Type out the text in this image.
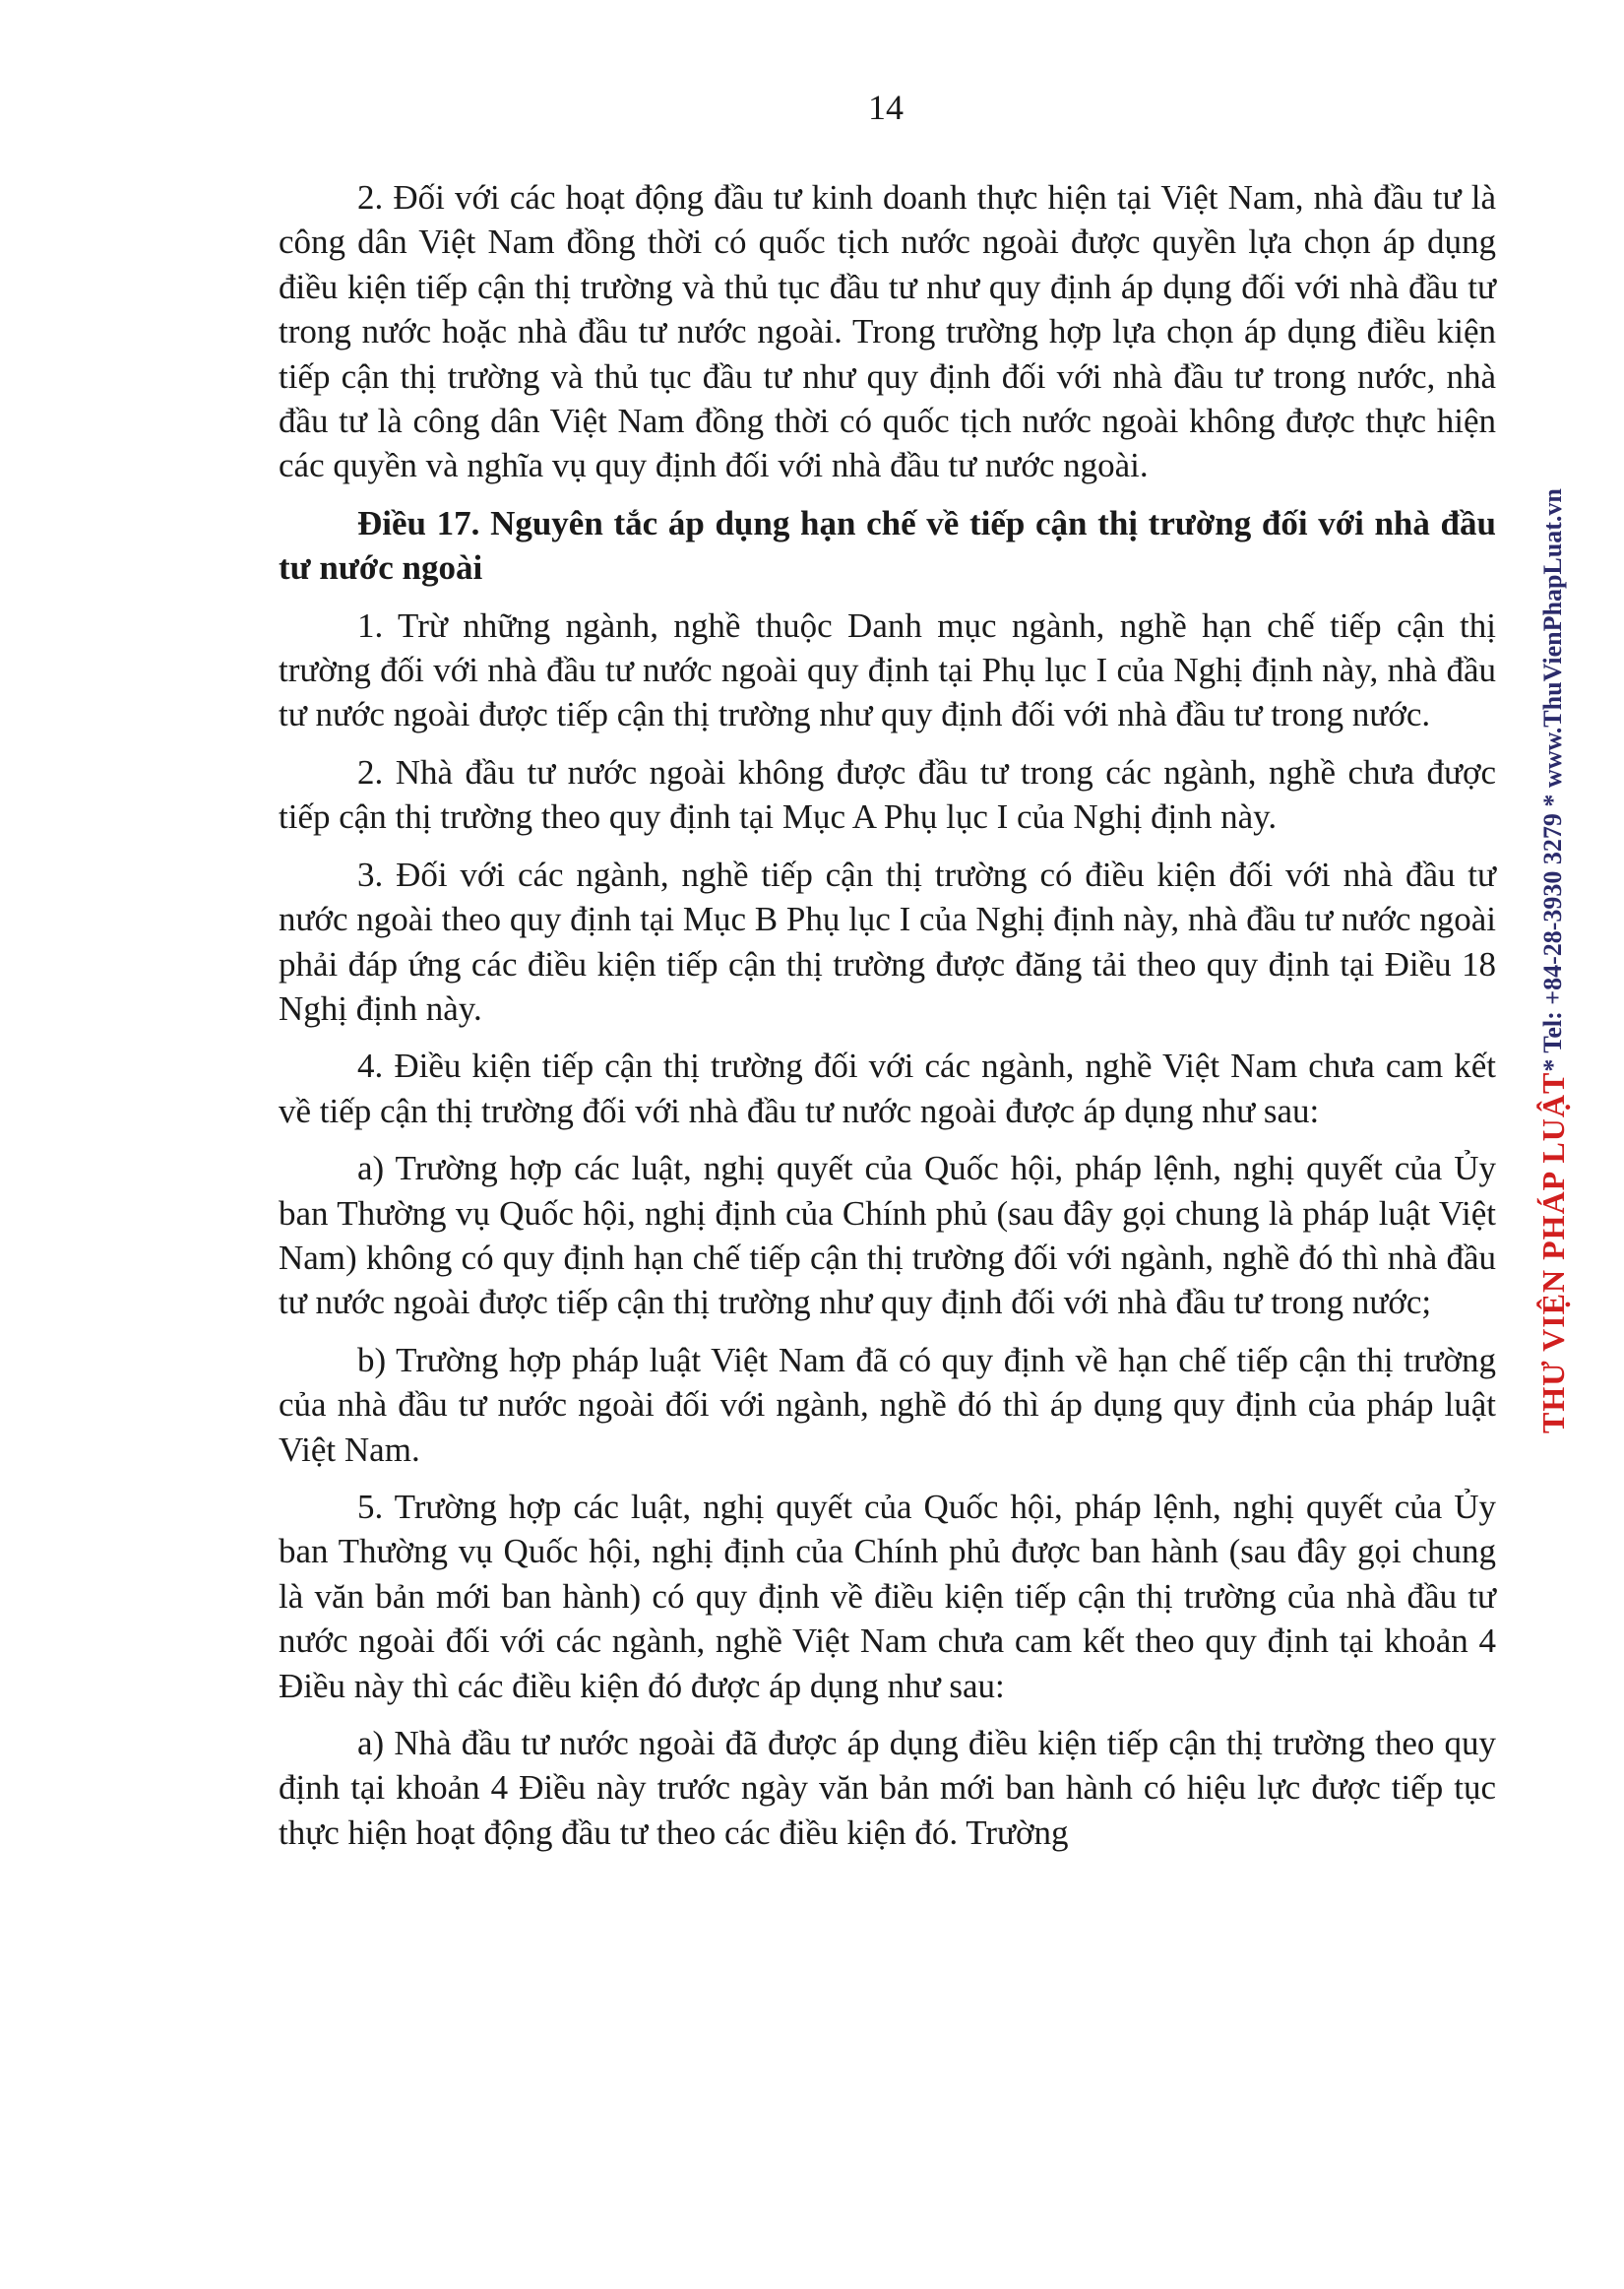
14

2. Đối với các hoạt động đầu tư kinh doanh thực hiện tại Việt Nam, nhà đầu tư là công dân Việt Nam đồng thời có quốc tịch nước ngoài được quyền lựa chọn áp dụng điều kiện tiếp cận thị trường và thủ tục đầu tư như quy định áp dụng đối với nhà đầu tư trong nước hoặc nhà đầu tư nước ngoài. Trong trường hợp lựa chọn áp dụng điều kiện tiếp cận thị trường và thủ tục đầu tư như quy định đối với nhà đầu tư trong nước, nhà đầu tư là công dân Việt Nam đồng thời có quốc tịch nước ngoài không được thực hiện các quyền và nghĩa vụ quy định đối với nhà đầu tư nước ngoài.

Điều 17. Nguyên tắc áp dụng hạn chế về tiếp cận thị trường đối với nhà đầu tư nước ngoài

1. Trừ những ngành, nghề thuộc Danh mục ngành, nghề hạn chế tiếp cận thị trường đối với nhà đầu tư nước ngoài quy định tại Phụ lục I của Nghị định này, nhà đầu tư nước ngoài được tiếp cận thị trường như quy định đối với nhà đầu tư trong nước.

2. Nhà đầu tư nước ngoài không được đầu tư trong các ngành, nghề chưa được tiếp cận thị trường theo quy định tại Mục A Phụ lục I của Nghị định này.

3. Đối với các ngành, nghề tiếp cận thị trường có điều kiện đối với nhà đầu tư nước ngoài theo quy định tại Mục B Phụ lục I của Nghị định này, nhà đầu tư nước ngoài phải đáp ứng các điều kiện tiếp cận thị trường được đăng tải theo quy định tại Điều 18 Nghị định này.

4. Điều kiện tiếp cận thị trường đối với các ngành, nghề Việt Nam chưa cam kết về tiếp cận thị trường đối với nhà đầu tư nước ngoài được áp dụng như sau:

a) Trường hợp các luật, nghị quyết của Quốc hội, pháp lệnh, nghị quyết của Ủy ban Thường vụ Quốc hội, nghị định của Chính phủ (sau đây gọi chung là pháp luật Việt Nam) không có quy định hạn chế tiếp cận thị trường đối với ngành, nghề đó thì nhà đầu tư nước ngoài được tiếp cận thị trường như quy định đối với nhà đầu tư trong nước;

b) Trường hợp pháp luật Việt Nam đã có quy định về hạn chế tiếp cận thị trường của nhà đầu tư nước ngoài đối với ngành, nghề đó thì áp dụng quy định của pháp luật Việt Nam.

5. Trường hợp các luật, nghị quyết của Quốc hội, pháp lệnh, nghị quyết của Ủy ban Thường vụ Quốc hội, nghị định của Chính phủ được ban hành (sau đây gọi chung là văn bản mới ban hành) có quy định về điều kiện tiếp cận thị trường của nhà đầu tư nước ngoài đối với các ngành, nghề Việt Nam chưa cam kết theo quy định tại khoản 4 Điều này thì các điều kiện đó được áp dụng như sau:

a) Nhà đầu tư nước ngoài đã được áp dụng điều kiện tiếp cận thị trường theo quy định tại khoản 4 Điều này trước ngày văn bản mới ban hành có hiệu lực được tiếp tục thực hiện hoạt động đầu tư theo các điều kiện đó. Trường

THƯ VIỆN PHÁP LUẬT* Tel: +84-28-3930 3279 * www.ThuVienPhapLuat.vn
